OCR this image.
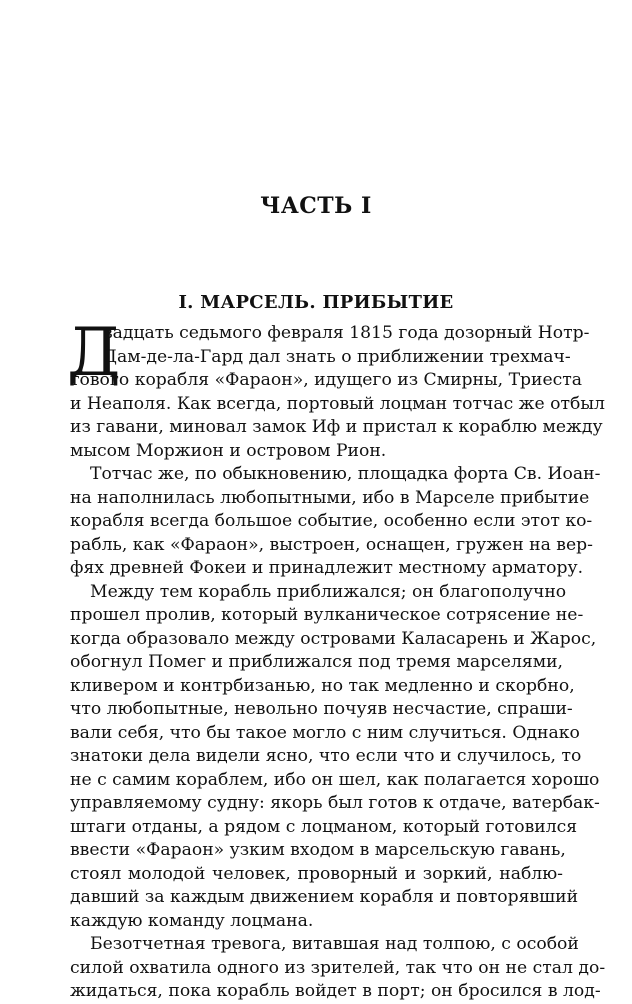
ЧАСТЬ I
I. МАРСЕЛЬ. ПРИБЫТИЕ
Д
вадцать седьмого февраля 1815 года дозорный Нотр-
Дам-де-ла-Гард дал знать о приближении трехмач-
тового корабля «Фараон», идущего из Смирны, Триеста
и Неаполя. Как всегда, портовый лоцман тотчас же отбыл
из гавани, миновал замок Иф и пристал к кораблю между
мысом Моржион и островом Рион.
Тотчас же, по обыкновению, площадка форта Св. Иоан-
на наполнилась любопытными, ибо в Марселе прибытие
корабля всегда большое событие, особенно если этот ко-
рабль, как «Фараон», выстроен, оснащен, гружен на вер-
фях древней Фокеи и принадлежит местному арматору.
Между тем корабль приближался; он благополучно
прошел пролив, который вулканическое сотрясение не-
когда образовало между островами Каласарень и Жарос,
обогнул Помег и приближался под тремя марселями,
кливером и контрбизанью, но так медленно и скорбно,
что любопытные, невольно почуяв несчастие, спраши-
вали себя, что бы такое могло с ним случиться. Однако
знатоки дела видели ясно, что если что и случилось, то
не с самим кораблем, ибо он шел, как полагается хорошо
управляемому судну: якорь был готов к отдаче, ватербак-
штаги отданы, а рядом с лоцманом, который готовился
ввести «Фараон» узким входом в марсельскую гавань,
стоял молодой человек, проворный и зоркий, наблю-
давший за каждым движением корабля и повторявший
каждую команду лоцмана.
Безотчетная тревога, витавшая над толпою, с особой
силой охватила одного из зрителей, так что он не стал до-
жидаться, пока корабль войдет в порт; он бросился в лод-
